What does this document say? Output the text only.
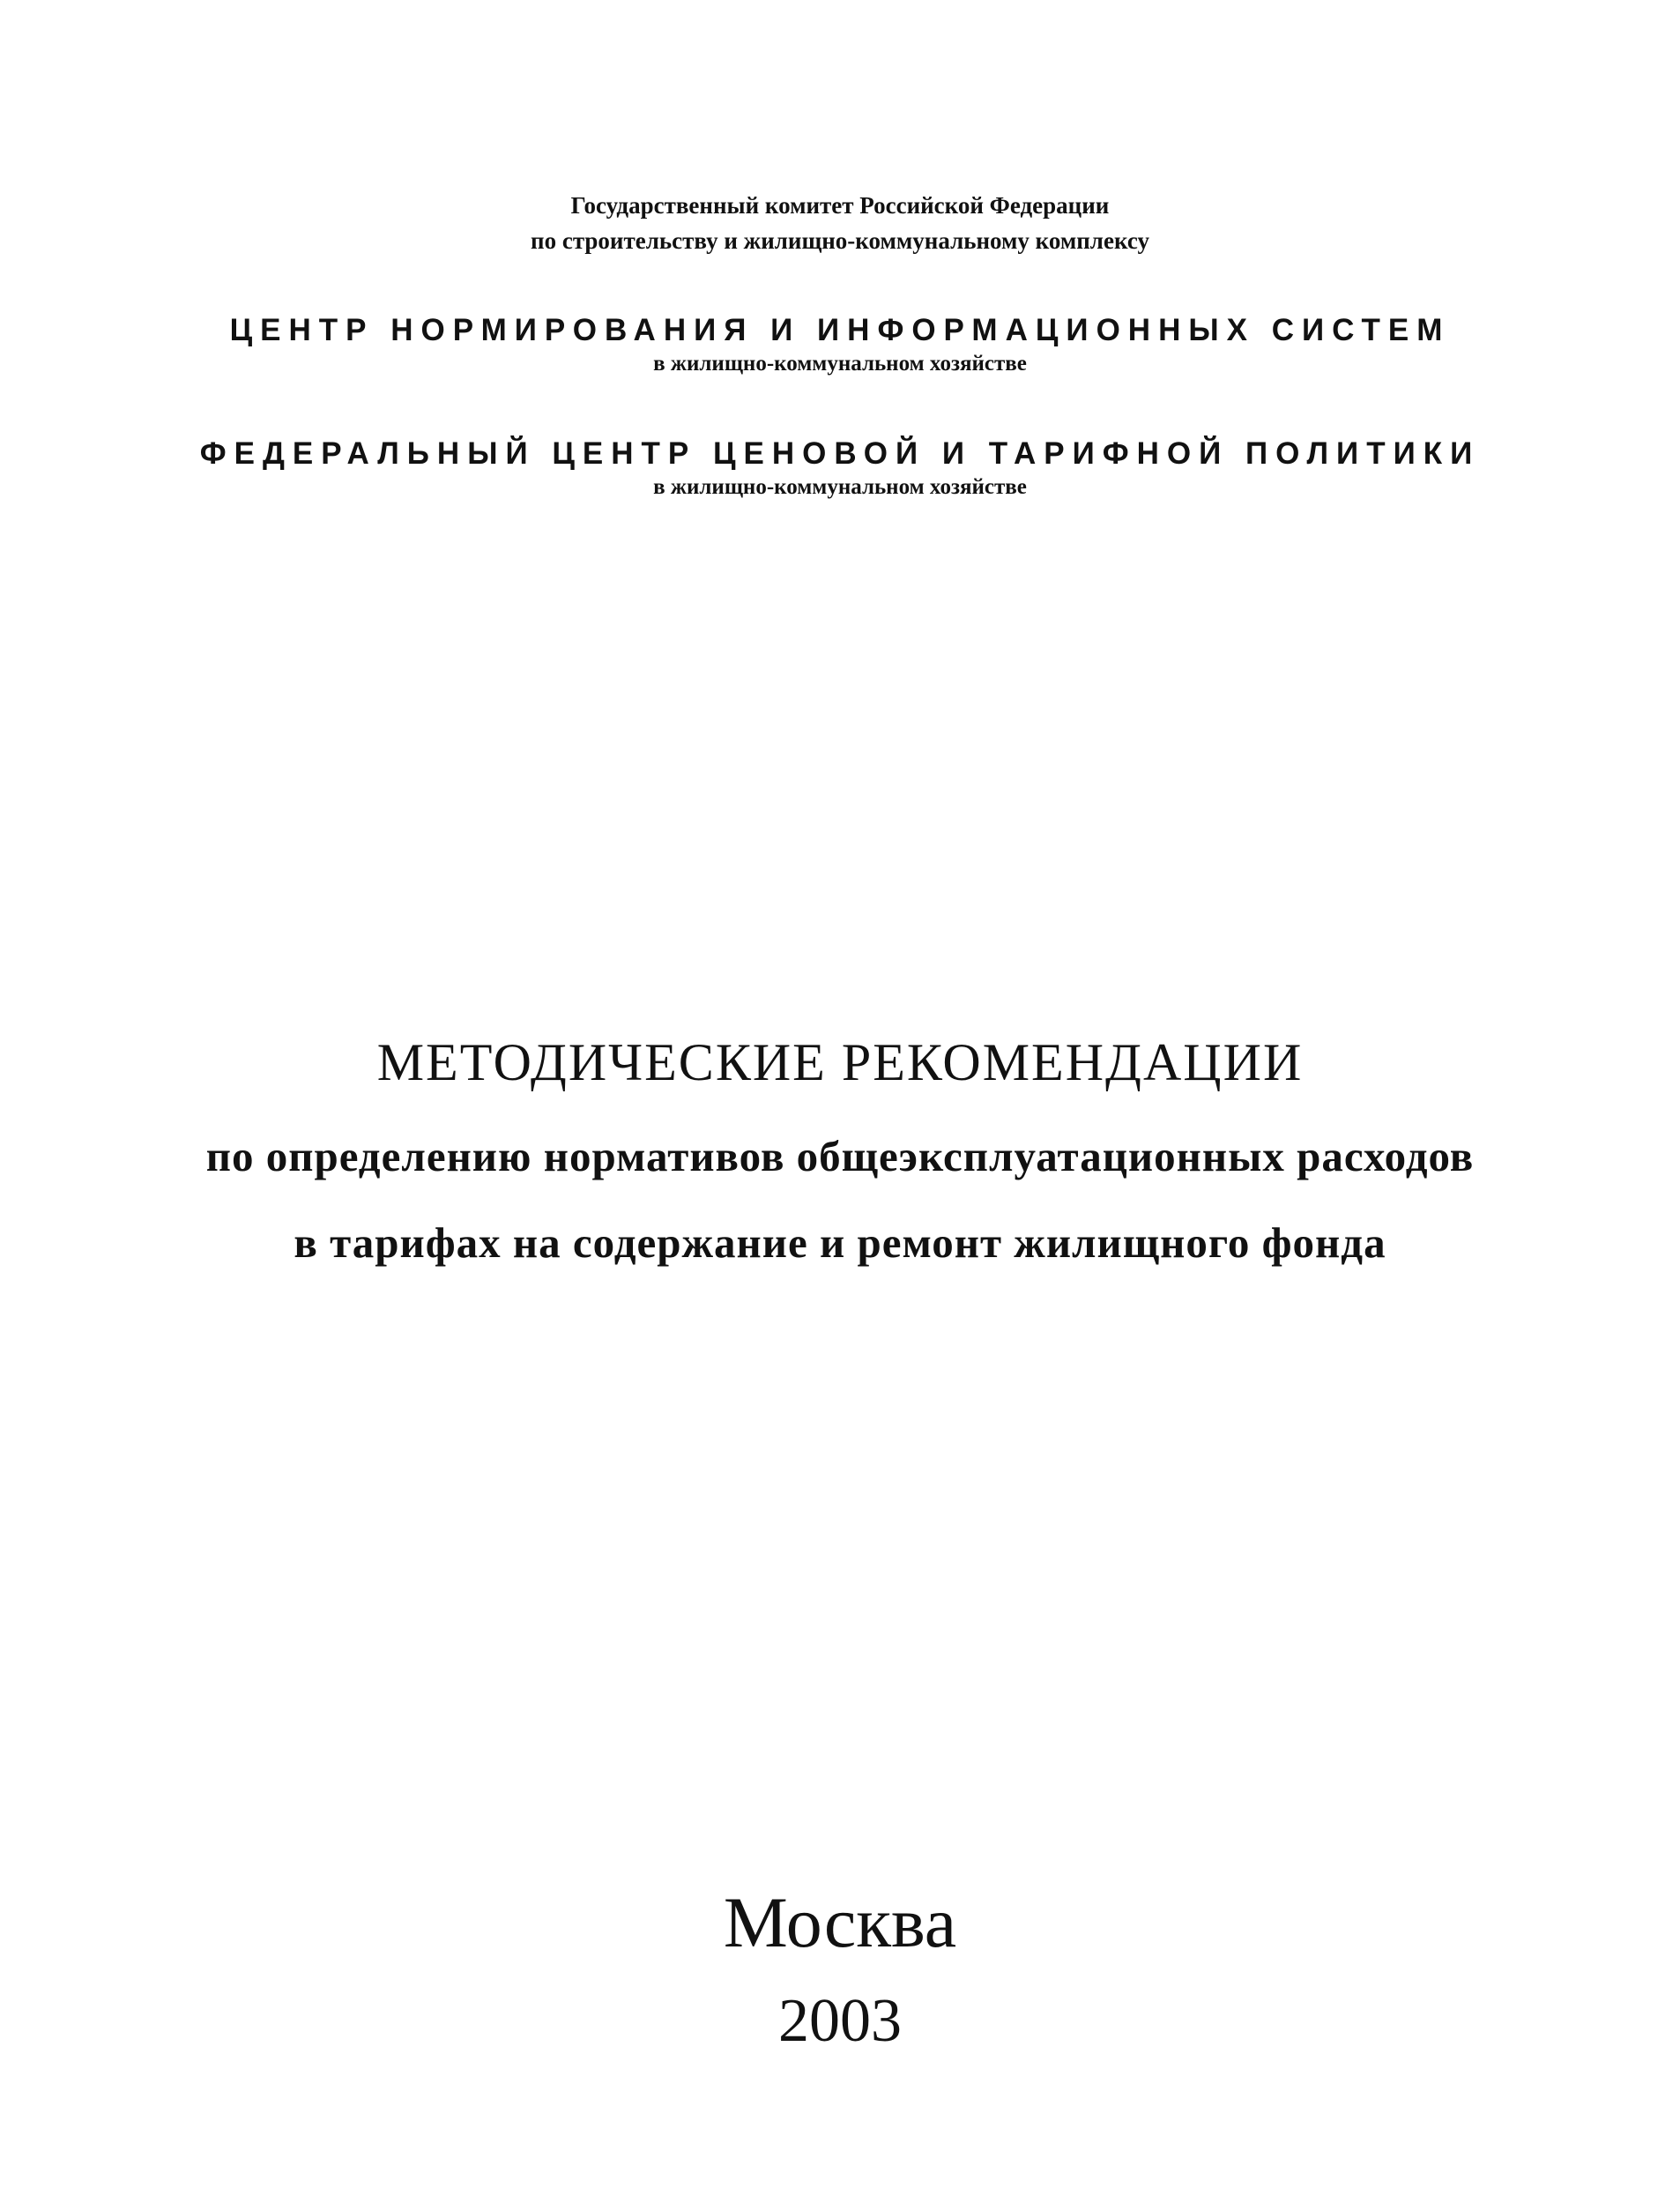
Государственный комитет Российской Федерации
по строительству и жилищно-коммунальному комплексу
ЦЕНТР НОРМИРОВАНИЯ И ИНФОРМАЦИОННЫХ СИСТЕМ
в жилищно-коммунальном хозяйстве
ФЕДЕРАЛЬНЫЙ ЦЕНТР ЦЕНОВОЙ И ТАРИФНОЙ ПОЛИТИКИ
в жилищно-коммунальном хозяйстве
МЕТОДИЧЕСКИЕ РЕКОМЕНДАЦИИ
по определению нормативов общеэксплуатационных расходов
в тарифах на содержание и ремонт жилищного фонда
Москва
2003
